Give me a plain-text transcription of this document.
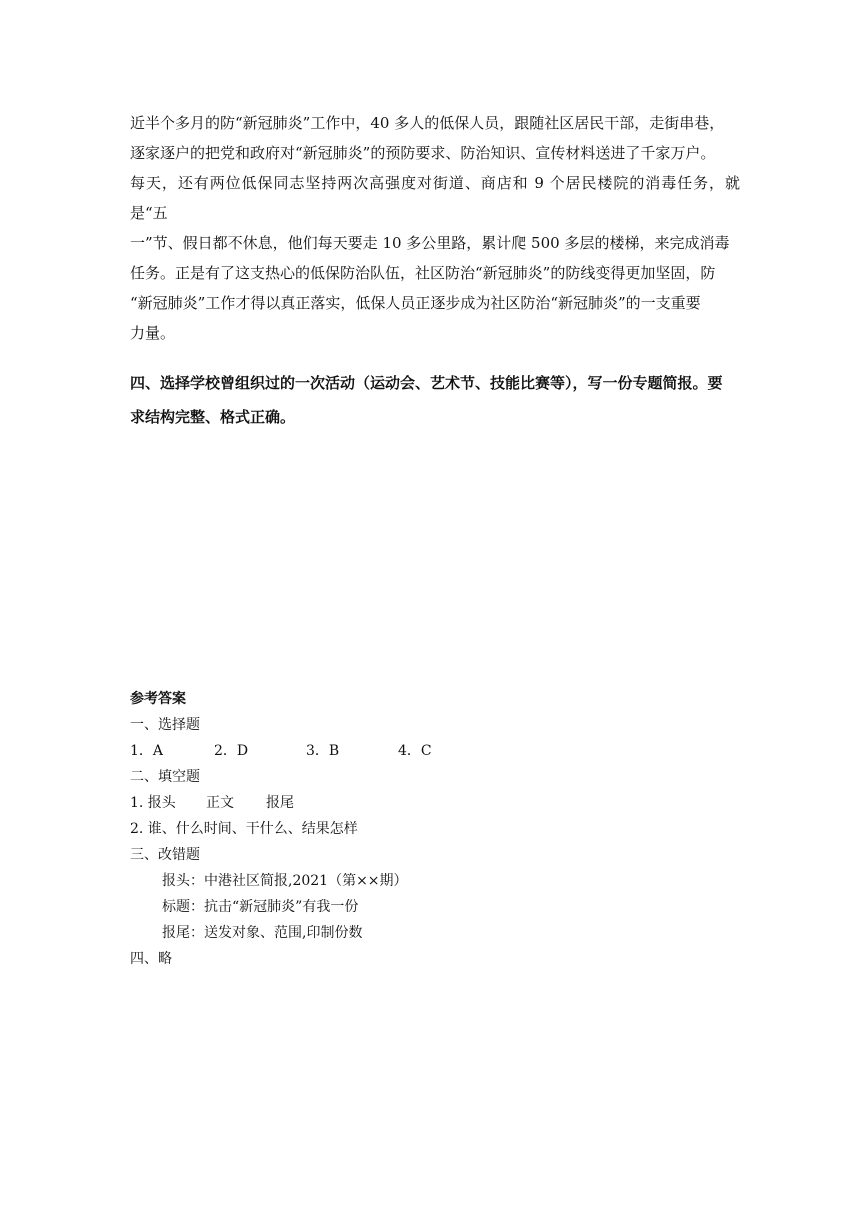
近半个多月的防“新冠肺炎”工作中，40 多人的低保人员，跟随社区居民干部，走街串巷，

逐家逐户的把党和政府对“新冠肺炎”的预防要求、防治知识、宣传材料送进了千家万户。

每天，还有两位低保同志坚持两次高强度对街道、商店和 9 个居民楼院的消毒任务，就是“五

一”节、假日都不休息，他们每天要走 10 多公里路，累计爬 500 多层的楼梯，来完成消毒

任务。正是有了这支热心的低保防治队伍，社区防治“新冠肺炎”的防线变得更加坚固，防

“新冠肺炎”工作才得以真正落实，低保人员正逐步成为社区防治“新冠肺炎”的一支重要

力量。

四、选择学校曾组织过的一次活动（运动会、艺术节、技能比赛等），写一份专题简报。要
求结构完整、格式正确。
参考答案
一、选择题
1．A	2．D	3．B	4．C
二、填空题
1. 报头 正文 报尾
2. 谁、什么时间、干什么、结果怎样
三、改错题
报头：中港社区简报,2021（第××期）
标题：抗击“新冠肺炎”有我一份
报尾：送发对象、范围,印制份数
四、略
